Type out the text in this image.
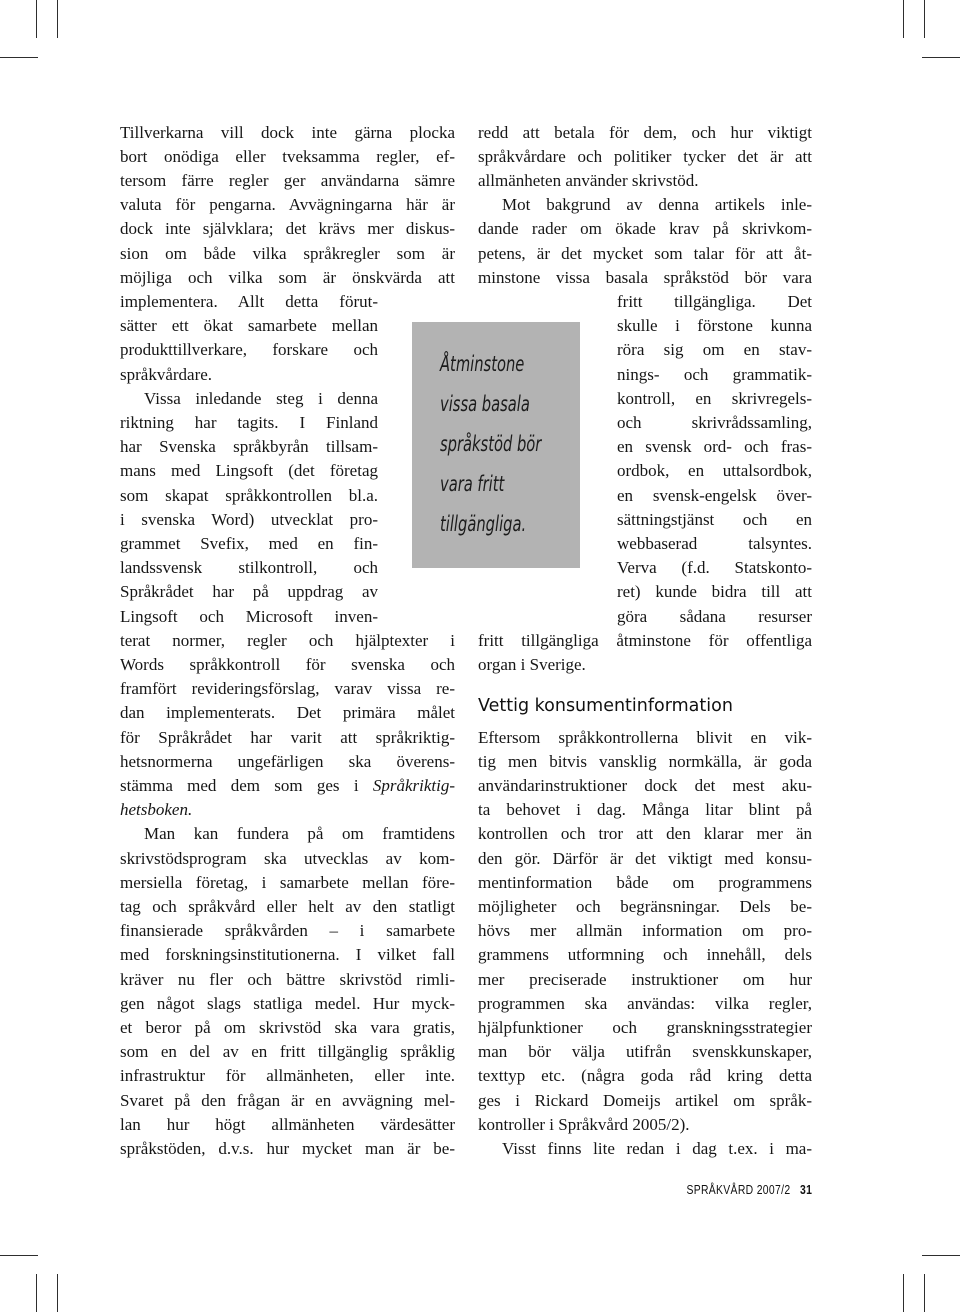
Tillverkarna vill dock inte gärna plocka
bort onödiga eller tveksamma regler, ef-
tersom färre regler ger användarna sämre
valuta för pengarna. Avvägningarna här är
dock inte självklara; det krävs mer diskus-
sion om både vilka språkregler som är
möjliga och vilka som är önskvärda att
implementera. Allt detta förut-
sätter ett ökat samarbete mellan
produkttillverkare, forskare och
språkvårdare.
Vissa inledande steg i denna
riktning har tagits. I Finland
har Svenska språkbyrån tillsam-
mans med Lingsoft (det företag
som skapat språkkontrollen bl.a.
i svenska Word) utvecklat pro-
grammet Svefix, med en fin-
landssvensk stilkontroll, och
Språkrådet har på uppdrag av
Lingsoft och Microsoft inven-
terat normer, regler och hjälptexter i
Words språkkontroll för svenska och
framfört revideringsförslag, varav vissa re-
dan implementerats. Det primära målet
för Språkrådet har varit att språkriktig-
hetsnormerna ungefärligen ska överens-
stämma med dem som ges i Språkriktig-
hetsboken.
Man kan fundera på om framtidens
skrivstödsprogram ska utvecklas av kom-
mersiella företag, i samarbete mellan före-
tag och språkvård eller helt av den statligt
finansierade språkvården – i samarbete
med forskningsinstitutionerna. I vilket fall
kräver nu fler och bättre skrivstöd rimli-
gen något slags statliga medel. Hur myck-
et beror på om skrivstöd ska vara gratis,
som en del av en fritt tillgänglig språklig
infrastruktur för allmänheten, eller inte.
Svaret på den frågan är en avvägning mel-
lan hur högt allmänheten värdesätter
språkstöden, d.v.s. hur mycket man är be-
redd att betala för dem, och hur viktigt
språkvårdare och politiker tycker det är att
allmänheten använder skrivstöd.
Mot bakgrund av denna artikels inle-
dande rader om ökade krav på skrivkom-
petens, är det mycket som talar för att åt-
minstone vissa basala språkstöd bör vara
fritt tillgängliga. Det
skulle i förstone kunna
röra sig om en stav-
nings- och grammatik-
kontroll, en skrivregels-
och skrivrådssamling,
en svensk ord- och fras-
ordbok, en uttalsordbok,
en svensk-engelsk över-
sättningstjänst och en
webbaserad talsyntes.
Verva (f.d. Statskonto-
ret) kunde bidra till att
göra sådana resurser
fritt tillgängliga åtminstone för offentliga
organ i Sverige.
Eftersom språkkontrollerna blivit en vik-
tig men bitvis vansklig normkälla, är goda
användarinstruktioner dock det mest aku-
ta behovet i dag. Många litar blint på
kontrollen och tror att den klarar mer än
den gör. Därför är det viktigt med konsu-
mentinformation både om programmens
möjligheter och begränsningar. Dels be-
hövs mer allmän information om pro-
grammens utformning och innehåll, dels
mer preciserade instruktioner om hur
programmen ska användas: vilka regler,
hjälpfunktioner och granskningsstrategier
man bör välja utifrån svenskkunskaper,
texttyp etc. (några goda råd kring detta
ges i Rickard Domeijs artikel om språk-
kontroller i Språkvård 2005/2).
Visst finns lite redan i dag t.ex. i ma-
Åtminstone
vissa basala
språkstöd bör
vara fritt
tillgängliga.
Vettig konsumentinformation
SPRÅKVÅRD 2007/2 31
